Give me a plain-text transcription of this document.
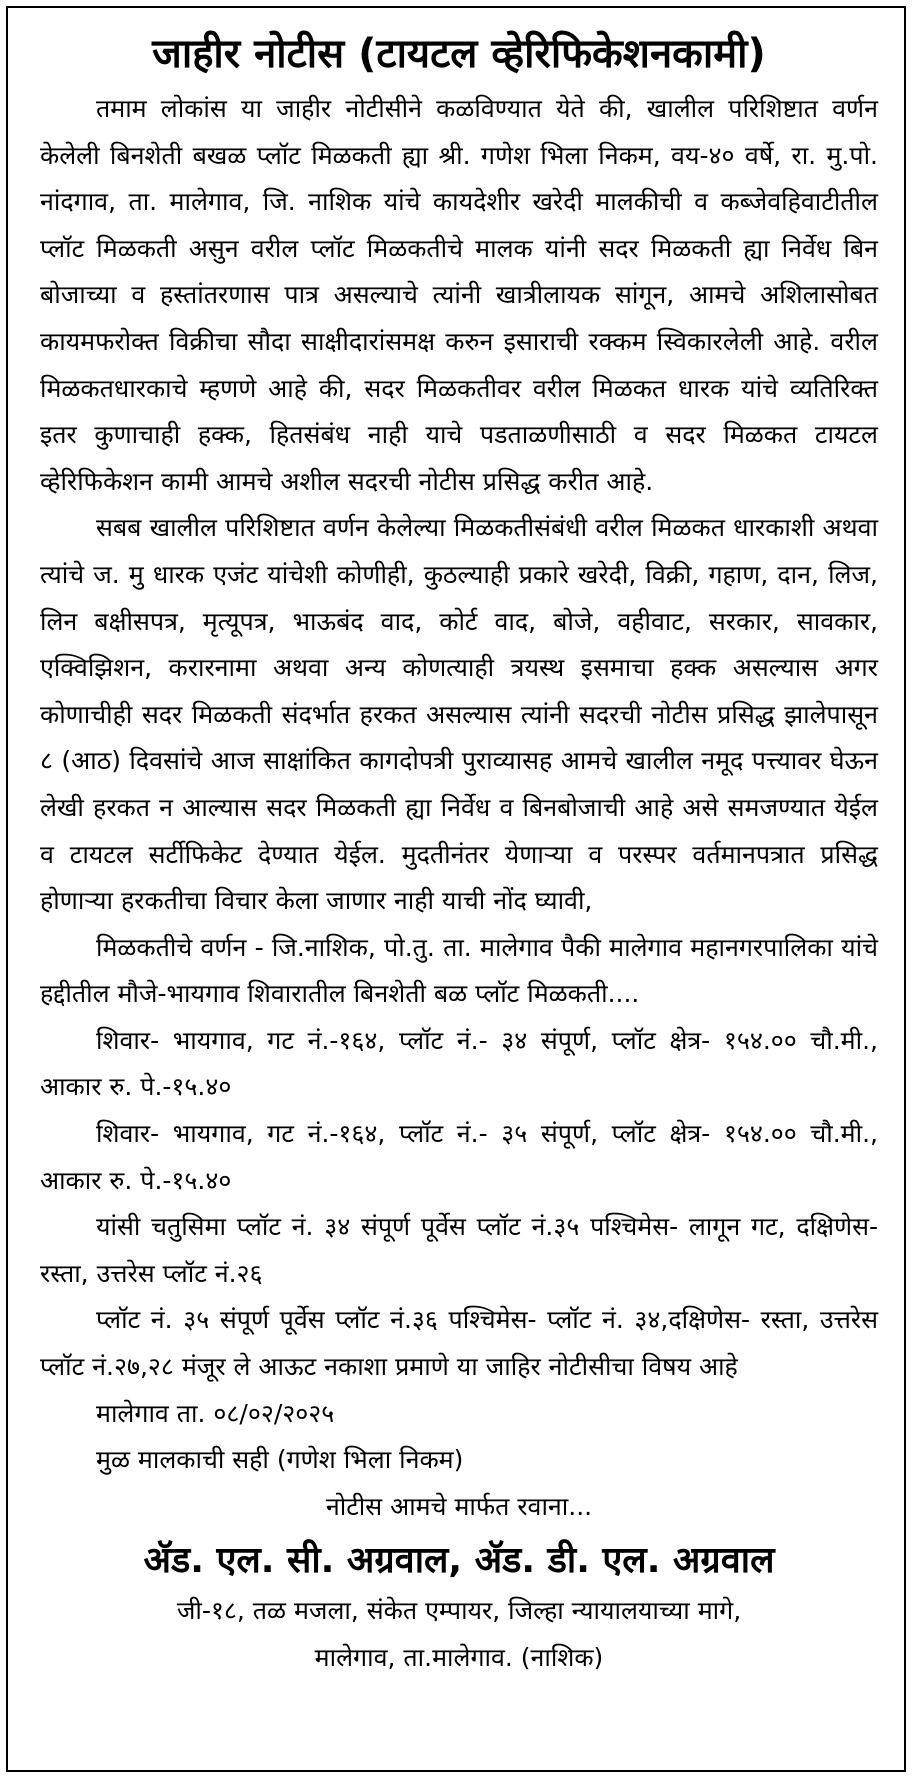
जाहीर नोटीस (टायटल व्हेरिफिकेशनकामी)

तमाम लोकांस या जाहीर नोटीसीने कळविण्यात येते की, खालील परिशिष्टात वर्णन केलेली बिनशेती बखळ प्लॉट मिळकती ह्या श्री. गणेश भिला निकम, वय-४० वर्षे, रा. मु.पो. नांदगाव, ता. मालेगाव, जि. नाशिक यांचे कायदेशीर खरेदी मालकीची व कब्जेवहिवाटीतील प्लॉट मिळकती असुन वरील प्लॉट मिळकतीचे मालक यांनी सदर मिळकती ह्या निर्वेध बिन बोजाच्या व हस्तांतरणास पात्र असल्याचे त्यांनी खात्रीलायक सांगून, आमचे अशिलासोबत कायमफरोक्त विक्रीचा सौदा साक्षीदारांसमक्ष करुन इसाराची रक्कम स्विकारलेली आहे. वरील मिळकतधारकाचे म्हणणे आहे की, सदर मिळकतीवर वरील मिळकत धारक यांचे व्यतिरिक्त इतर कुणाचाही हक्क, हितसंबंध नाही याचे पडताळणीसाठी व सदर मिळकत टायटल व्हेरिफिकेशन कामी आमचे अशील सदरची नोटीस प्रसिद्ध करीत आहे.

सबब खालील परिशिष्टात वर्णन केलेल्या मिळकतीसंबंधी वरील मिळकत धारकाशी अथवा त्यांचे ज. मु धारक एजंट यांचेशी कोणीही, कुठल्याही प्रकारे खरेदी, विक्री, गहाण, दान, लिज, लिन बक्षीसपत्र, मृत्यूपत्र, भाऊबंद वाद, कोर्ट वाद, बोजे, वहीवाट, सरकार, सावकार, एक्विझिशन, करारनामा अथवा अन्य कोणत्याही त्रयस्थ इसमाचा हक्क असल्यास अगर कोणाचीही सदर मिळकती संदर्भात हरकत असल्यास त्यांनी सदरची नोटीस प्रसिद्ध झालेपासून ८ (आठ) दिवसांचे आज साक्षांकित कागदोपत्री पुराव्यासह आमचे खालील नमूद पत्त्यावर घेऊन लेखी हरकत न आल्यास सदर मिळकती ह्या निर्वेध व बिनबोजाची आहे असे समजण्यात येईल व टायटल सर्टीफिकेट देण्यात येईल. मुदतीनंतर येणाऱ्या व परस्पर वर्तमानपत्रात प्रसिद्ध होणाऱ्या हरकतीचा विचार केला जाणार नाही याची नोंद घ्यावी,

मिळकतीचे वर्णन - जि.नाशिक, पो.तु. ता. मालेगाव पैकी मालेगाव महानगरपालिका यांचे हद्दीतील मौजे-भायगाव शिवारातील बिनशेती बळ प्लॉट मिळकती....

शिवार- भायगाव, गट नं.-१६४, प्लॉट नं.- ३४ संपूर्ण, प्लॉट क्षेत्र- १५४.०० चौ.मी., आकार रु. पे.-१५.४०

शिवार- भायगाव, गट नं.-१६४, प्लॉट नं.- ३५ संपूर्ण, प्लॉट क्षेत्र- १५४.०० चौ.मी., आकार रु. पे.-१५.४०

यांसी चतुसिमा प्लॉट नं. ३४ संपूर्ण पूर्वेस प्लॉट नं.३५ पश्चिमेस- लागून गट, दक्षिणेस- रस्ता, उत्तरेस प्लॉट नं.२६

प्लॉट नं. ३५ संपूर्ण पूर्वेस प्लॉट नं.३६ पश्चिमेस- प्लॉट नं. ३४,दक्षिणेस- रस्ता, उत्तरेस प्लॉट नं.२७,२८ मंजूर ले आऊट नकाशा प्रमाणे या जाहिर नोटीसीचा विषय आहे

मालेगाव ता. ०८/०२/२०२५

मुळ मालकाची सही (गणेश भिला निकम)

नोटीस आमचे मार्फत रवाना...

ॲड. एल. सी. अग्रवाल, ॲड. डी. एल. अग्रवाल

जी-१८, तळ मजला, संकेत एम्पायर, जिल्हा न्यायालयाच्या मागे,

मालेगाव, ता.मालेगाव. (नाशिक)
